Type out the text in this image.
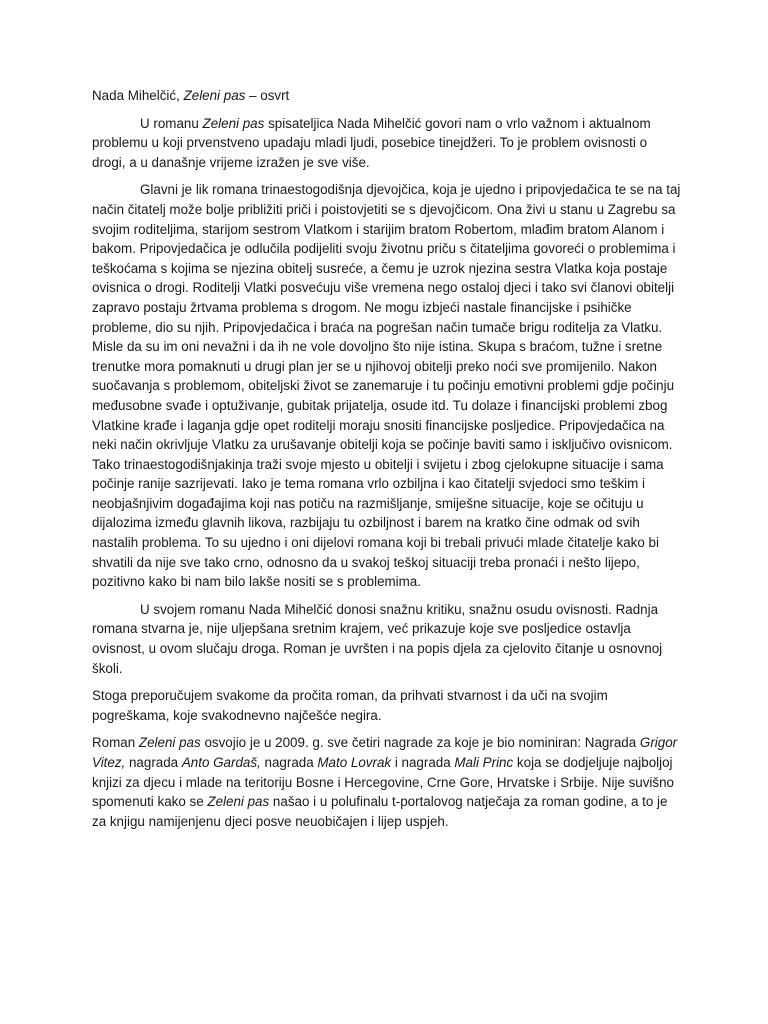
Nada Mihelčić, Zeleni pas – osvrt

U romanu Zeleni pas spisateljica Nada Mihelčić govori nam o vrlo važnom i aktualnom problemu u koji prvenstveno upadaju mladi ljudi, posebice tinejdžeri. To je problem ovisnosti o drogi, a u današnje vrijeme izražen je sve više.

Glavni je lik romana trinaestogodišnja djevojčica, koja je ujedno i pripovjedačica te se na taj način čitatelj može bolje približiti priči i poistovjetiti se s djevojčicom. Ona živi u stanu u Zagrebu sa svojim roditeljima, starijom sestrom Vlatkom i starijim bratom Robertom, mlađim bratom Alanom i bakom. Pripovjedačica je odlučila podijeliti svoju životnu priču s čitateljima govoreći o problemima i teškoćama s kojima se njezina obitelj susreće, a čemu je uzrok njezina sestra Vlatka koja postaje ovisnica o drogi. Roditelji Vlatki posvećuju više vremena nego ostaloj djeci i tako svi članovi obitelji zapravo postaju žrtvama problema s drogom. Ne mogu izbjeći nastale financijske i psihičke probleme, dio su njih. Pripovjedačica i braća na pogrešan način tumače brigu roditelja za Vlatku. Misle da su im oni nevažni i da ih ne vole dovoljno što nije istina. Skupa s braćom, tužne i sretne trenutke mora pomaknuti u drugi plan jer se u njihovoj obitelji preko noći sve promijenilo. Nakon suočavanja s problemom, obiteljski život se zanemaruje i tu počinju emotivni problemi gdje počinju međusobne svađe i optuživanje, gubitak prijatelja, osude itd. Tu dolaze i financijski problemi zbog Vlatkine krađe i laganja gdje opet roditelji moraju snositi financijske posljedice. Pripovjedačica na neki način okrivljuje Vlatku za urušavanje obitelji koja se počinje baviti samo i isključivo ovisnicom. Tako trinaestogodišnjakinja traži svoje mjesto u obitelji i svijetu i zbog cjelokupne situacije i sama počinje ranije sazrijevati. Iako je tema romana vrlo ozbiljna i kao čitatelji svjedoci smo teškim i neobjašnjivim događajima koji nas potiču na razmišljanje, smiješne situacije, koje se očituju u dijalozima između glavnih likova, razbijaju tu ozbiljnost i barem na kratko čine odmak od svih nastalih problema. To su ujedno i oni dijelovi romana koji bi trebali privući mlade čitatelje kako bi shvatili da nije sve tako crno, odnosno da u svakoj teškoj situaciji treba pronaći i nešto lijepo, pozitivno kako bi nam bilo lakše nositi se s problemima.

U svojem romanu Nada Mihelčić donosi snažnu kritiku, snažnu osudu ovisnosti. Radnja romana stvarna je, nije uljepšana sretnim krajem, već prikazuje koje sve posljedice ostavlja ovisnost, u ovom slučaju droga. Roman je uvršten i na popis djela za cjelovito čitanje u osnovnoj školi.

Stoga preporučujem svakome da pročita roman, da prihvati stvarnost i da uči na svojim pogreškama, koje svakodnevno najčešće negira.

Roman Zeleni pas osvojio je u 2009. g. sve četiri nagrade za koje je bio nominiran: Nagrada Grigor Vitez, nagrada Anto Gardaš, nagrada Mato Lovrak i nagrada Mali Princ koja se dodjeljuje najboljoj knjizi za djecu i mlade na teritoriju Bosne i Hercegovine, Crne Gore, Hrvatske i Srbije. Nije suvišno spomenuti kako se Zeleni pas našao i u polufinalu t-portalovog natječaja za roman godine, a to je za knjigu namijenjenu djeci posve neuobičajen i lijep uspjeh.
